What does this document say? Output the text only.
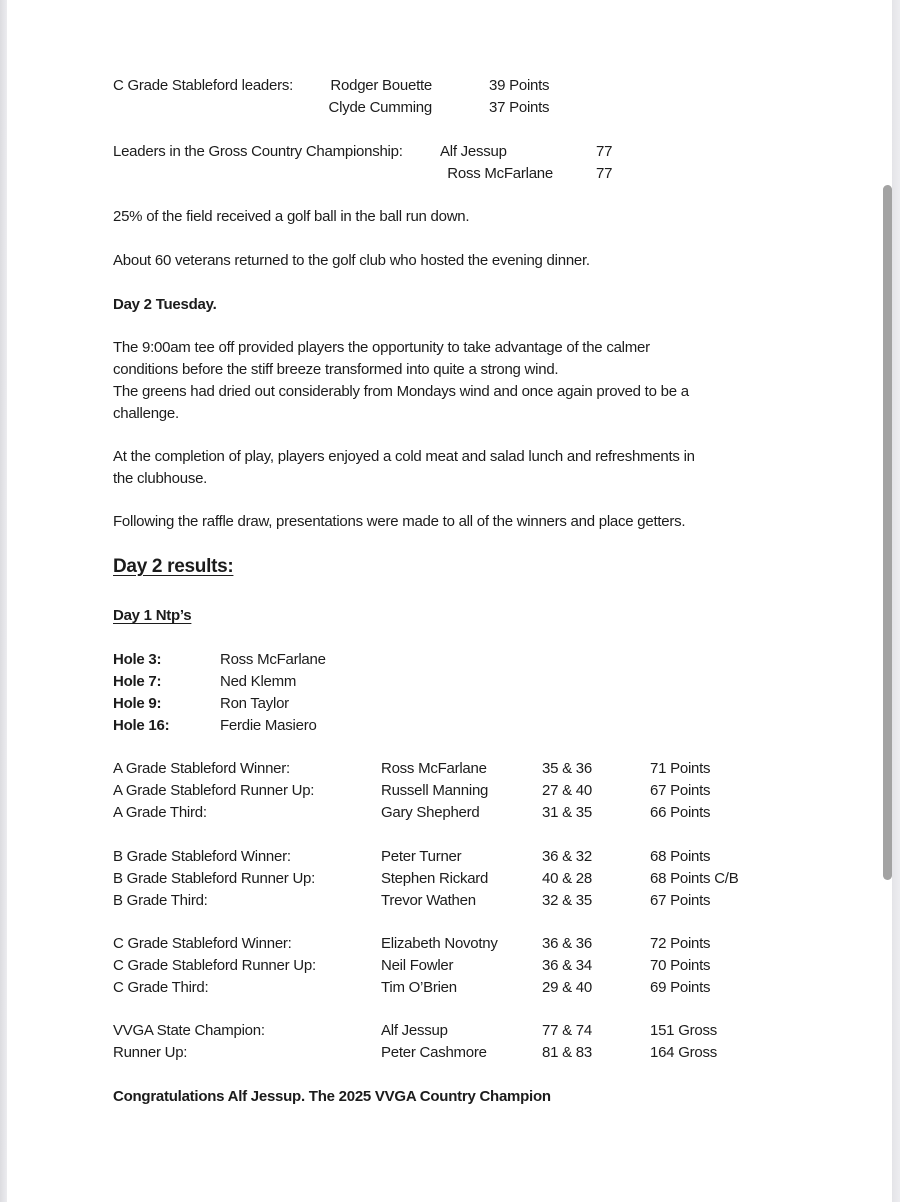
C Grade Stableford leaders:	Rodger Bouette	39 Points
Clyde Cumming	37 Points
Leaders in the Gross Country Championship: Alf Jessup	77
Ross McFarlane	77
25% of the field received a golf ball in the ball run down.
About 60 veterans returned to the golf club who hosted the evening dinner.
Day 2 Tuesday.
The 9:00am tee off provided players the opportunity to take advantage of the calmer
conditions before the stiff breeze transformed into quite a strong wind.
The greens had dried out considerably from Mondays wind and once again proved to be a
challenge.
At the completion of play, players enjoyed a cold meat and salad lunch and refreshments in
the clubhouse.
Following the raffle draw, presentations were made to all of the winners and place getters.
Day 2 results:
Day 1 Ntp’s
Hole 3:	Ross McFarlane
Hole 7:	Ned Klemm
Hole 9:	Ron Taylor
Hole 16:	Ferdie Masiero
A Grade Stableford Winner:	Ross McFarlane	35 & 36	71 Points
A Grade Stableford Runner Up:	Russell Manning	27 & 40	67 Points
A Grade Third:	Gary Shepherd	31 & 35	66 Points
B Grade Stableford Winner:	Peter Turner	36 & 32	68 Points
B Grade Stableford Runner Up:	Stephen Rickard	40 & 28	68 Points C/B
B Grade Third:	Trevor Wathen	32 & 35	67 Points
C Grade Stableford Winner:	Elizabeth Novotny	36 & 36	72 Points
C Grade Stableford Runner Up:	Neil Fowler	36 & 34	70 Points
C Grade Third:	Tim O’Brien	29 & 40	69 Points
VVGA State Champion:	Alf Jessup	77 & 74	151 Gross
Runner Up:	Peter Cashmore	81 & 83	164 Gross
Congratulations Alf Jessup. The 2025 VVGA Country Champion
